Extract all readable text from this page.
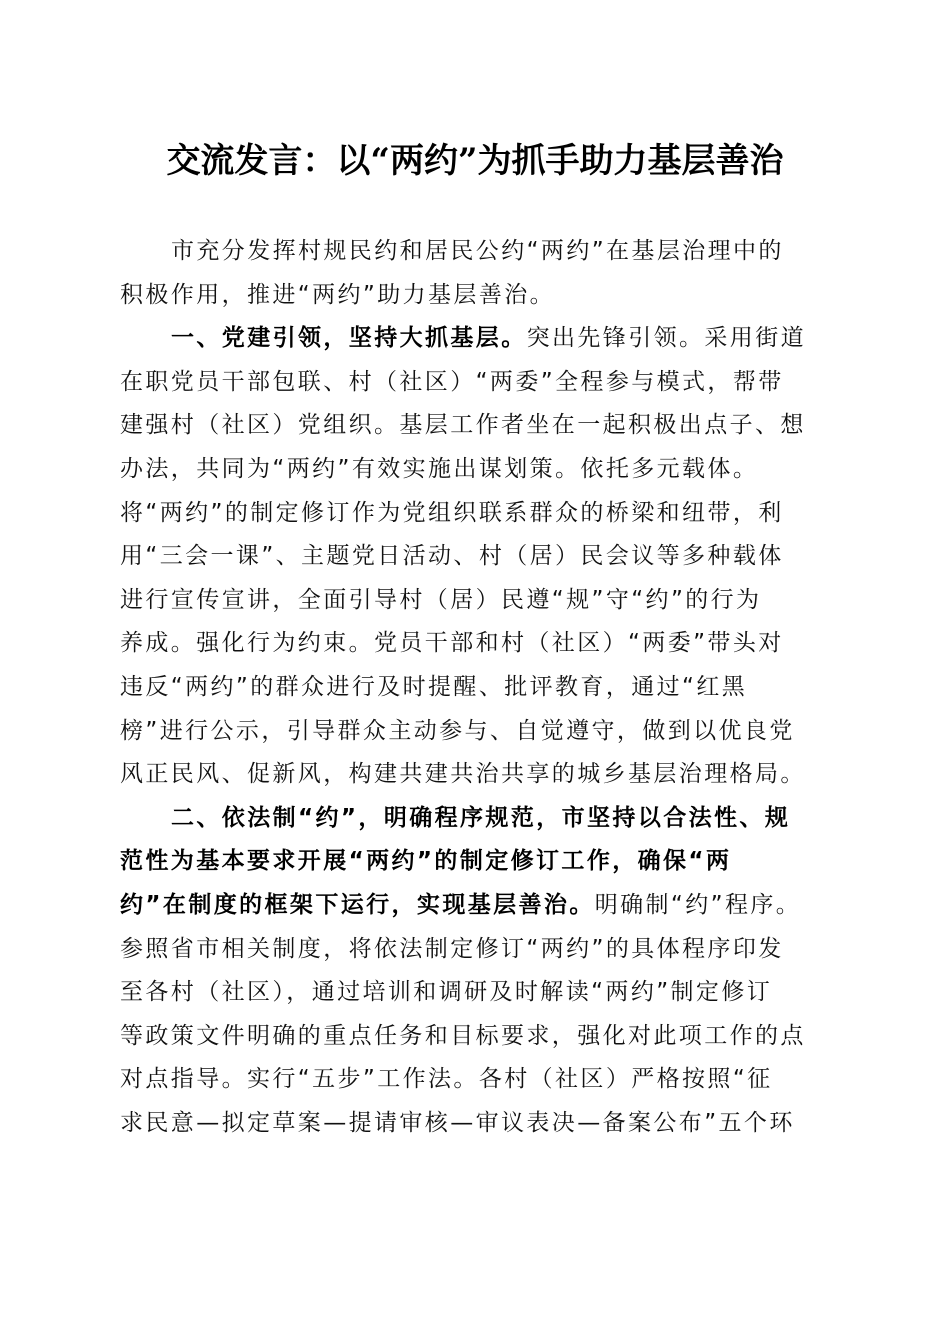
交流发言：以“两约”为抓手助力基层善治
市充分发挥村规民约和居民公约“两约”在基层治理中的
积极作用，推进“两约”助力基层善治。
一、党建引领，坚持大抓基层。突出先锋引领。采用街道
在职党员干部包联、村（社区）“两委”全程参与模式，帮带
建强村（社区）党组织。基层工作者坐在一起积极出点子、想
办法，共同为“两约”有效实施出谋划策。依托多元载体。
将“两约”的制定修订作为党组织联系群众的桥梁和纽带，利
用“三会一课”、主题党日活动、村（居）民会议等多种载体
进行宣传宣讲，全面引导村（居）民遵“规”守“约”的行为
养成。强化行为约束。党员干部和村（社区）“两委”带头对
违反“两约”的群众进行及时提醒、批评教育，通过“红黑
榜”进行公示，引导群众主动参与、自觉遵守，做到以优良党
风正民风、促新风，构建共建共治共享的城乡基层治理格局。
二、依法制“约”，明确程序规范，市坚持以合法性、规
范性为基本要求开展“两约”的制定修订工作，确保“两
约”在制度的框架下运行，实现基层善治。明确制“约”程序。
参照省市相关制度，将依法制定修订“两约”的具体程序印发
至各村（社区），通过培训和调研及时解读“两约”制定修订
等政策文件明确的重点任务和目标要求，强化对此项工作的点
对点指导。实行“五步”工作法。各村（社区）严格按照“征
求民意—拟定草案—提请审核—审议表决—备案公布”五个环
